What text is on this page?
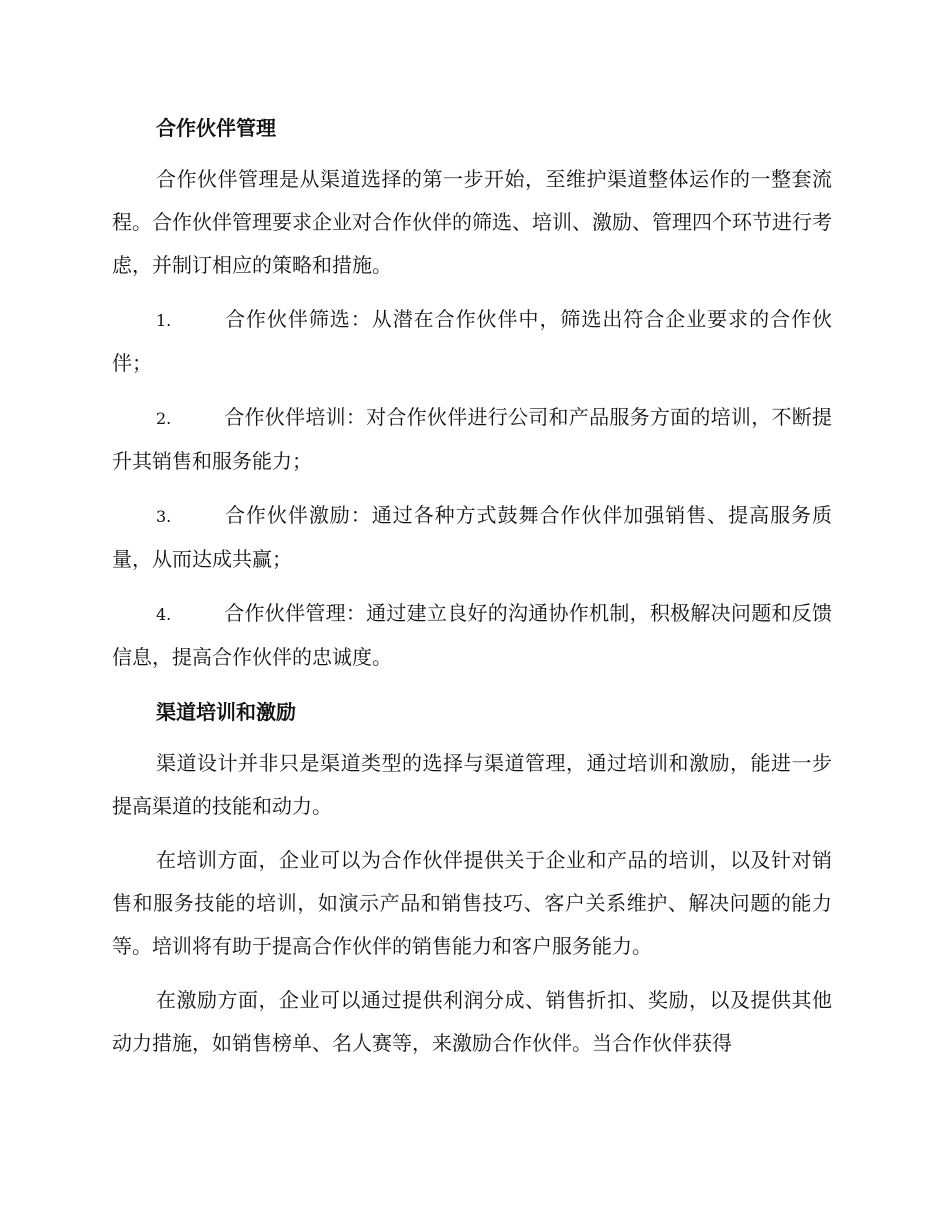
合作伙伴管理

合作伙伴管理是从渠道选择的第一步开始，至维护渠道整体运作的一整套流程。合作伙伴管理要求企业对合作伙伴的筛选、培训、激励、管理四个环节进行考虑，并制订相应的策略和措施。

1.	合作伙伴筛选：从潜在合作伙伴中，筛选出符合企业要求的合作伙伴；

2.	合作伙伴培训：对合作伙伴进行公司和产品服务方面的培训，不断提升其销售和服务能力；

3.	合作伙伴激励：通过各种方式鼓舞合作伙伴加强销售、提高服务质量，从而达成共赢；

4.	合作伙伴管理：通过建立良好的沟通协作机制，积极解决问题和反馈信息，提高合作伙伴的忠诚度。

渠道培训和激励

渠道设计并非只是渠道类型的选择与渠道管理，通过培训和激励，能进一步提高渠道的技能和动力。

在培训方面，企业可以为合作伙伴提供关于企业和产品的培训，以及针对销售和服务技能的培训，如演示产品和销售技巧、客户关系维护、解决问题的能力等。培训将有助于提高合作伙伴的销售能力和客户服务能力。

在激励方面，企业可以通过提供利润分成、销售折扣、奖励，以及提供其他动力措施，如销售榜单、名人赛等，来激励合作伙伴。当合作伙伴获得
